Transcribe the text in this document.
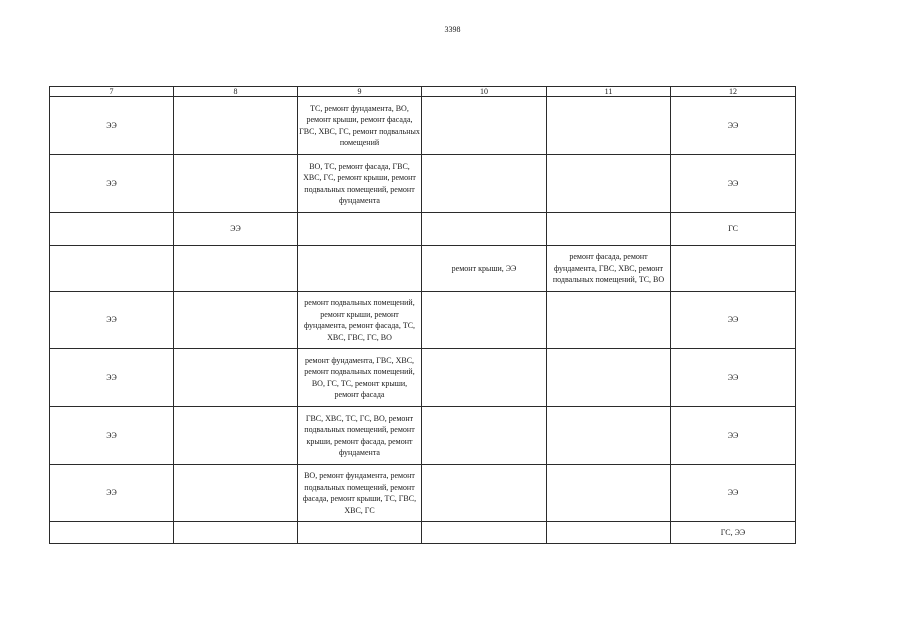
3398
7	8	9	10	11	12
ЭЭ		ТС, ремонт фундамента, ВО, ремонт крыши, ремонт фасада, ГВС, ХВС, ГС, ремонт подвальных помещений			ЭЭ
ЭЭ		ВО, ТС, ремонт фасада, ГВС, ХВС, ГС, ремонт крыши, ремонт подвальных помещений, ремонт фундамента			ЭЭ
	ЭЭ				ГС
			ремонт крыши, ЭЭ	ремонт фасада, ремонт фундамента, ГВС, ХВС, ремонт подвальных помещений, ТС, ВО	
ЭЭ		ремонт подвальных помещений, ремонт крыши, ремонт фундамента, ремонт фасада, ТС, ХВС, ГВС, ГС, ВО			ЭЭ
ЭЭ		ремонт фундамента, ГВС, ХВС, ремонт подвальных помещений, ВО, ГС, ТС, ремонт крыши, ремонт фасада			ЭЭ
ЭЭ		ГВС, ХВС, ТС, ГС, ВО, ремонт подвальных помещений, ремонт крыши, ремонт фасада, ремонт фундамента			ЭЭ
ЭЭ		ВО, ремонт фундамента, ремонт подвальных помещений, ремонт фасада, ремонт крыши, ТС, ГВС, ХВС, ГС			ЭЭ
					ГС, ЭЭ
